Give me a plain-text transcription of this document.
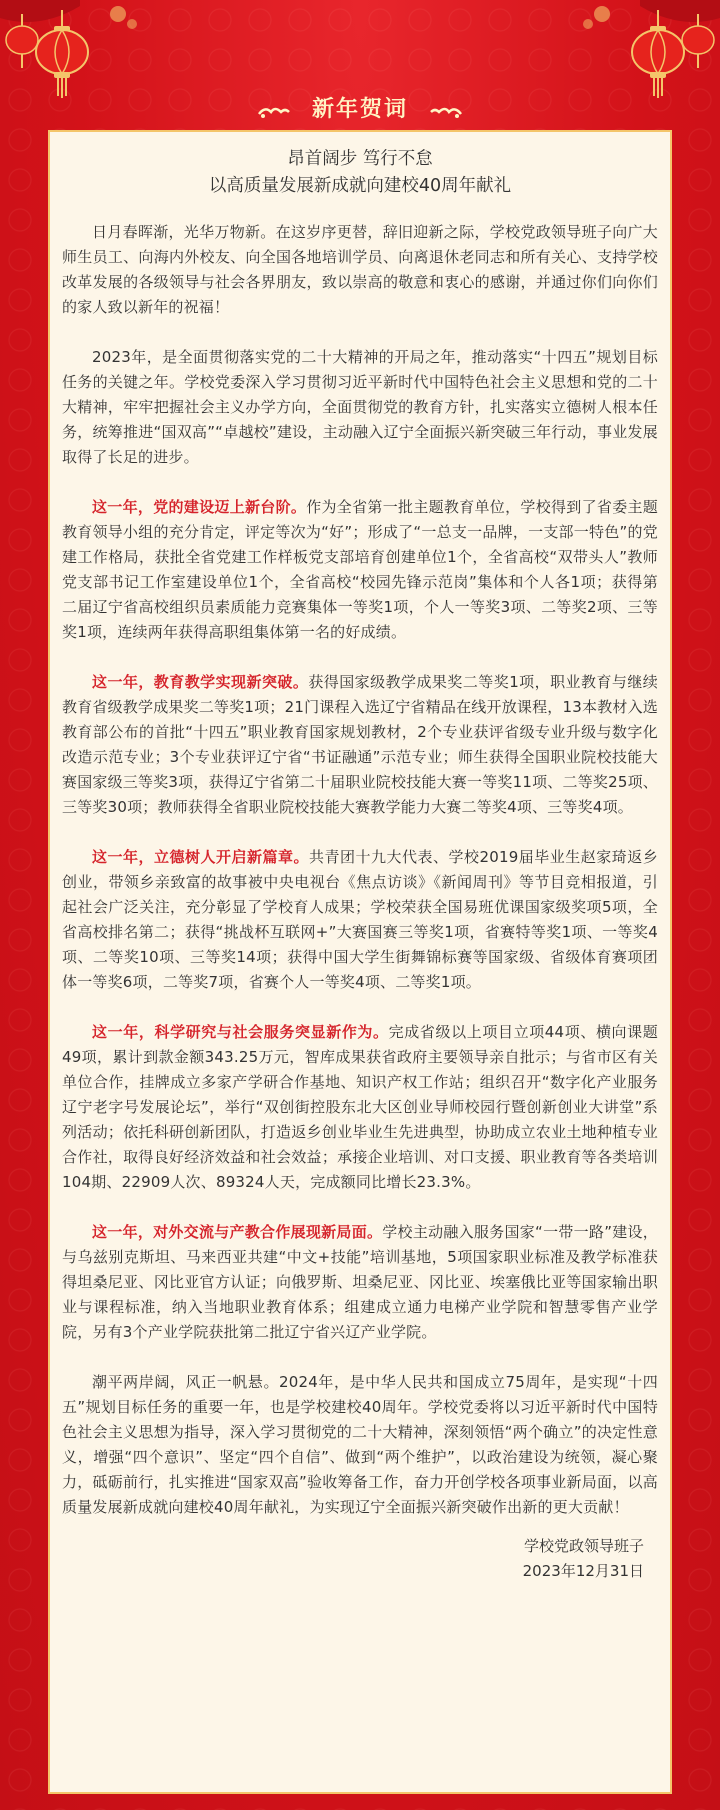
新年贺词

昂首阔步 笃行不怠

以高质量发展新成就向建校40周年献礼

日月春晖渐，光华万物新。在这岁序更替，辞旧迎新之际，学校党政领导班子向广大师生员工、向海内外校友、向全国各地培训学员、向离退休老同志和所有关心、支持学校改革发展的各级领导与社会各界朋友，致以崇高的敬意和衷心的感谢，并通过你们向你们的家人致以新年的祝福！

2023年，是全面贯彻落实党的二十大精神的开局之年，推动落实“十四五”规划目标任务的关键之年。学校党委深入学习贯彻习近平新时代中国特色社会主义思想和党的二十大精神，牢牢把握社会主义办学方向，全面贯彻党的教育方针，扎实落实立德树人根本任务，统筹推进“国双高”“卓越校”建设，主动融入辽宁全面振兴新突破三年行动，事业发展取得了长足的进步。

这一年，党的建设迈上新台阶。作为全省第一批主题教育单位，学校得到了省委主题教育领导小组的充分肯定，评定等次为“好”；形成了“一总支一品牌，一支部一特色”的党建工作格局，获批全省党建工作样板党支部培育创建单位1个，全省高校“双带头人”教师党支部书记工作室建设单位1个，全省高校“校园先锋示范岗”集体和个人各1项；获得第二届辽宁省高校组织员素质能力竞赛集体一等奖1项，个人一等奖3项、二等奖2项、三等奖1项，连续两年获得高职组集体第一名的好成绩。

这一年，教育教学实现新突破。获得国家级教学成果奖二等奖1项，职业教育与继续教育省级教学成果奖二等奖1项；21门课程入选辽宁省精品在线开放课程，13本教材入选教育部公布的首批“十四五”职业教育国家规划教材，2个专业获评省级专业升级与数字化改造示范专业；3个专业获评辽宁省“书证融通”示范专业；师生获得全国职业院校技能大赛国家级三等奖3项，获得辽宁省第二十届职业院校技能大赛一等奖11项、二等奖25项、三等奖30项；教师获得全省职业院校技能大赛教学能力大赛二等奖4项、三等奖4项。

这一年，立德树人开启新篇章。共青团十九大代表、学校2019届毕业生赵家琦返乡创业，带领乡亲致富的故事被中央电视台《焦点访谈》《新闻周刊》等节目竞相报道，引起社会广泛关注，充分彰显了学校育人成果；学校荣获全国易班优课国家级奖项5项，全省高校排名第二；获得“挑战杯互联网+”大赛国赛三等奖1项，省赛特等奖1项、一等奖4项、二等奖10项、三等奖14项；获得中国大学生街舞锦标赛等国家级、省级体育赛项团体一等奖6项，二等奖7项，省赛个人一等奖4项、二等奖1项。

这一年，科学研究与社会服务突显新作为。完成省级以上项目立项44项、横向课题49项，累计到款金额343.25万元，智库成果获省政府主要领导亲自批示；与省市区有关单位合作，挂牌成立多家产学研合作基地、知识产权工作站；组织召开“数字化产业服务辽宁老字号发展论坛”，举行“双创街控股东北大区创业导师校园行暨创新创业大讲堂”系列活动；依托科研创新团队，打造返乡创业毕业生先进典型，协助成立农业土地种植专业合作社，取得良好经济效益和社会效益；承接企业培训、对口支援、职业教育等各类培训104期、22909人次、89324人天，完成额同比增长23.3%。

这一年，对外交流与产教合作展现新局面。学校主动融入服务国家“一带一路”建设，与乌兹别克斯坦、马来西亚共建“中文+技能”培训基地，5项国家职业标准及教学标准获得坦桑尼亚、冈比亚官方认证；向俄罗斯、坦桑尼亚、冈比亚、埃塞俄比亚等国家输出职业与课程标准，纳入当地职业教育体系；组建成立通力电梯产业学院和智慧零售产业学院，另有3个产业学院获批第二批辽宁省兴辽产业学院。

潮平两岸阔，风正一帆悬。2024年，是中华人民共和国成立75周年，是实现“十四五”规划目标任务的重要一年，也是学校建校40周年。学校党委将以习近平新时代中国特色社会主义思想为指导，深入学习贯彻党的二十大精神，深刻领悟“两个确立”的决定性意义，增强“四个意识”、坚定“四个自信”、做到“两个维护”，以政治建设为统领，凝心聚力，砥砺前行，扎实推进“国家双高”验收筹备工作，奋力开创学校各项事业新局面，以高质量发展新成就向建校40周年献礼，为实现辽宁全面振兴新突破作出新的更大贡献！

学校党政领导班子

2023年12月31日
